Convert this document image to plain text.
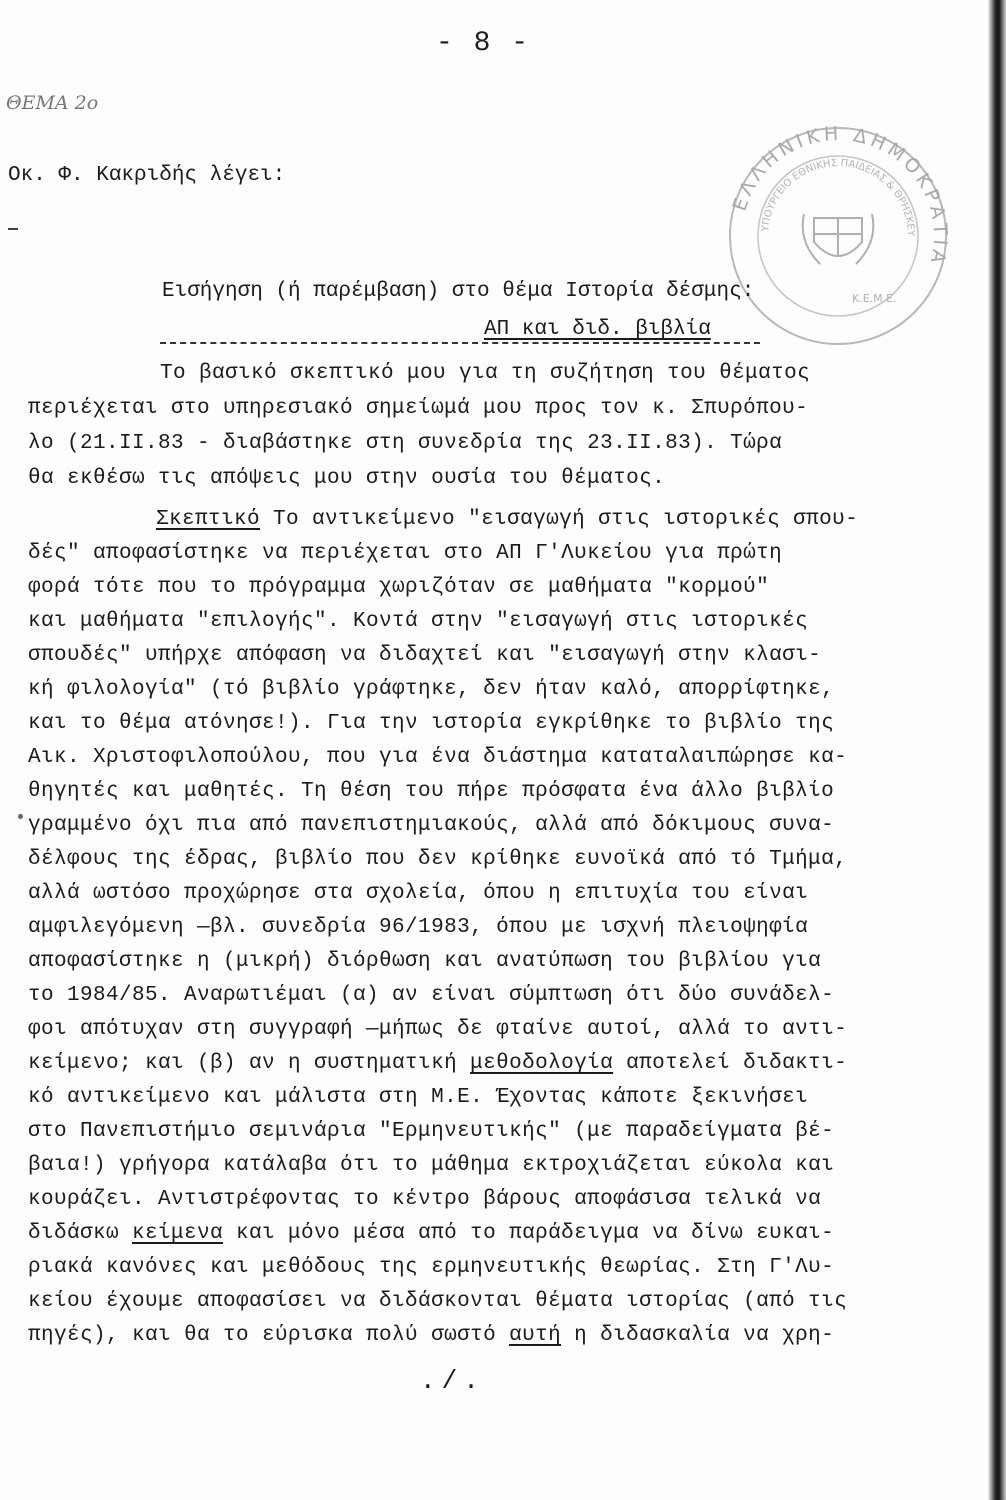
- 8 -
ΘΕΜΑ 2ο
Οκ. Φ. Κακριδής λέγει:
ΕΛΛΗΝΙΚΗ ΔΗΜΟΚΡΑΤΙΑ
ΥΠΟΥΡΓΕΙΟ ΕΘΝΙΚΗΣ ΠΑΙΔΕΙΑΣ & ΘΡΗΣΚΕΥ
Κ.Ε.Μ.Ε.
Εισήγηση (ή παρέμβαση) στο θέμα Ιστορία δέσμης:
ΑΠ και διδ. βιβλία
Το βασικό σκεπτικό μου για τη συζήτηση του θέματος
περιέχεται στο υπηρεσιακό σημείωμά μου προς τον κ. Σπυρόπου-
λο (21.ΙΙ.83 - διαβάστηκε στη συνεδρία της 23.ΙΙ.83). Τώρα
θα εκθέσω τις απόψεις μου στην ουσία του θέματος.
Σκεπτικό Το αντικείμενο "εισαγωγή στις ιστορικές σπου-
δές" αποφασίστηκε να περιέχεται στο ΑΠ Γ'Λυκείου για πρώτη
φορά τότε που το πρόγραμμα χωριζόταν σε μαθήματα "κορμού"
και μαθήματα "επιλογής". Κοντά στην "εισαγωγή στις ιστορικές
σπουδές" υπήρχε απόφαση να διδαχτεί και "εισαγωγή στην κλασι-
κή φιλολογία" (τό βιβλίο γράφτηκε, δεν ήταν καλό, απορρίφτηκε,
και το θέμα ατόνησε!). Για την ιστορία εγκρίθηκε το βιβλίο της
Αικ. Χριστοφιλοπούλου, που για ένα διάστημα καταταλαιπώρησε κα-
θηγητές και μαθητές. Τη θέση του πήρε πρόσφατα ένα άλλο βιβλίο
γραμμένο όχι πια από πανεπιστημιακούς, αλλά από δόκιμους συνα-
δέλφους της έδρας, βιβλίο που δεν κρίθηκε ευνοϊκά από τό Τμήμα,
αλλά ωστόσο προχώρησε στα σχολεία, όπου η επιτυχία του είναι
αμφιλεγόμενη —βλ. συνεδρία 96/1983, όπου με ισχνή πλειοψηφία
αποφασίστηκε η (μικρή) διόρθωση και ανατύπωση του βιβλίου για
το 1984/85. Αναρωτιέμαι (α) αν είναι σύμπτωση ότι δύο συνάδελ-
φοι απότυχαν στη συγγραφή —μήπως δε φταίνε αυτοί, αλλά το αντι-
κείμενο; και (β) αν η συστηματική μεθοδολογία αποτελεί διδακτι-
κό αντικείμενο και μάλιστα στη Μ.Ε. Έχοντας κάποτε ξεκινήσει
στο Πανεπιστήμιο σεμινάρια "Ερμηνευτικής" (με παραδείγματα βέ-
βαια!) γρήγορα κατάλαβα ότι το μάθημα εκτροχιάζεται εύκολα και
κουράζει. Αντιστρέφοντας το κέντρο βάρους αποφάσισα τελικά να
διδάσκω κείμενα και μόνο μέσα από το παράδειγμα να δίνω ευκαι-
ριακά κανόνες και μεθόδους της ερμηνευτικής θεωρίας. Στη Γ'Λυ-
κείου έχουμε αποφασίσει να διδάσκονται θέματα ιστορίας (από τις
πηγές), και θα το εύρισκα πολύ σωστό αυτή η διδασκαλία να χρη-
./.
